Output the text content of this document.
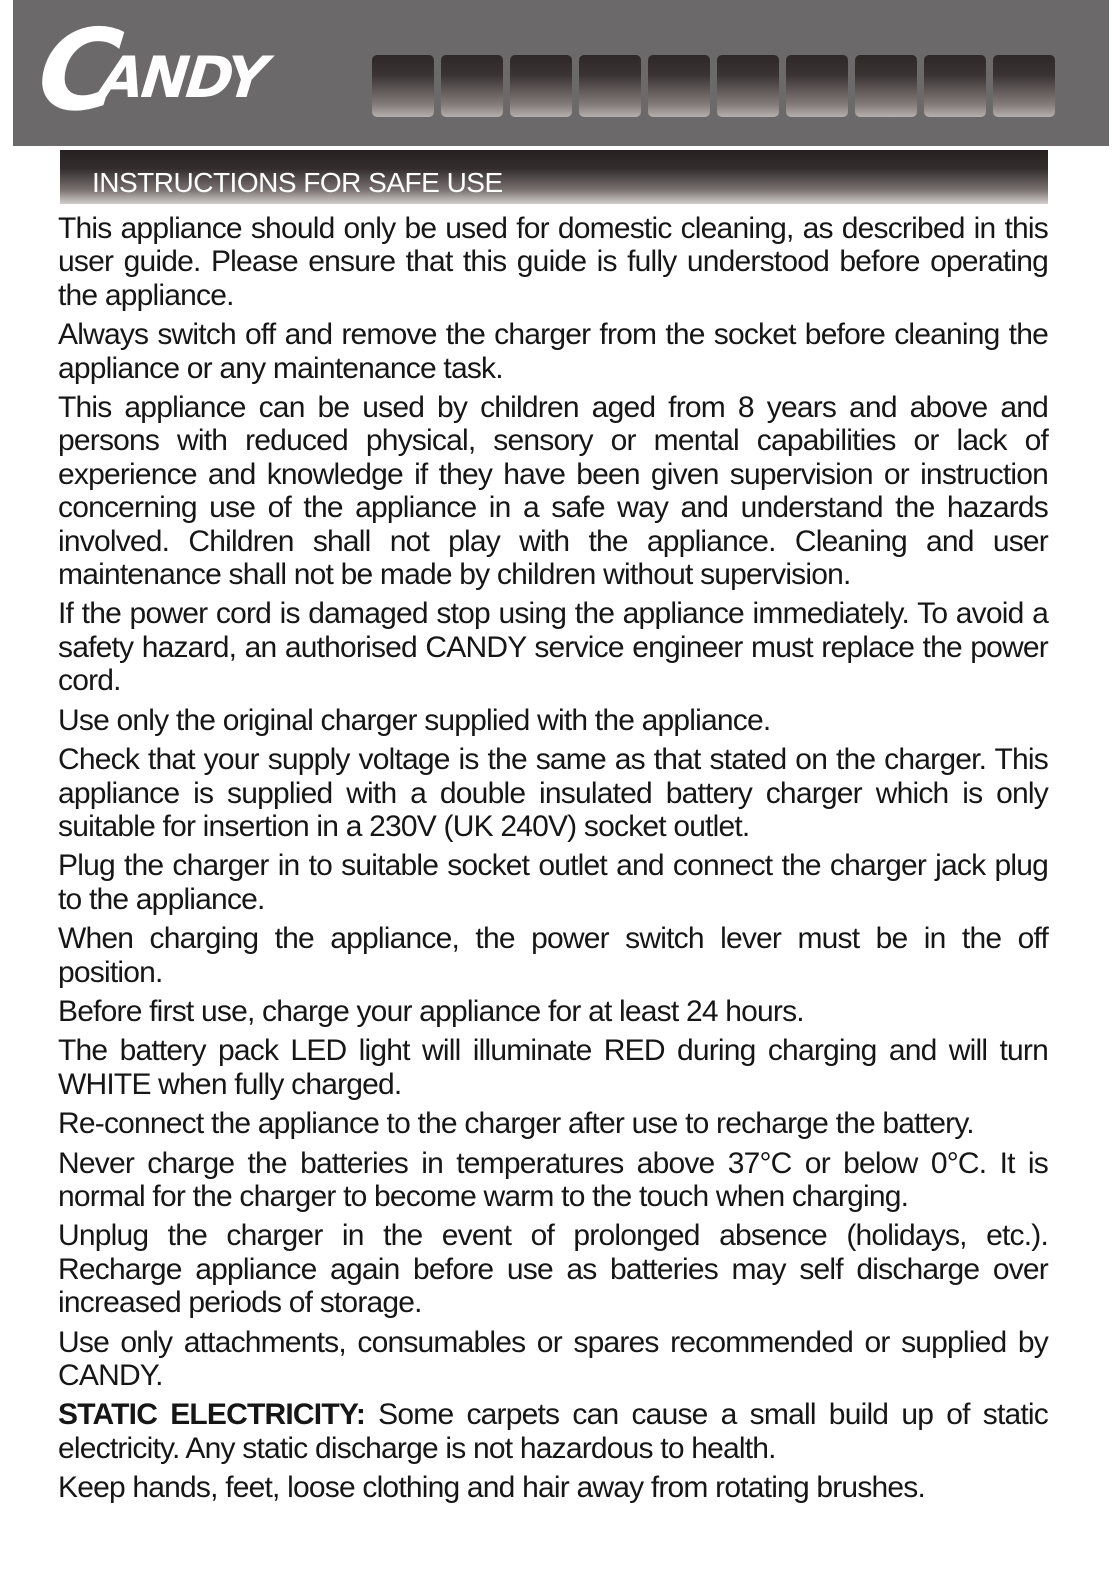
C
ANDY
INSTRUCTIONS FOR SAFE USE

This appliance should only be used for domestic cleaning, as described in this user guide. Please ensure that this guide is fully understood before operating the appliance.

Always switch off and remove the charger from the socket before cleaning the appliance or any maintenance task.

This appliance can be used by children aged from 8 years and above and persons with reduced physical, sensory or mental capabilities or lack of experience and knowledge if they have been given supervision or instruction concerning use of the appliance in a safe way and understand the hazards involved. Children shall not play with the appliance. Cleaning and user maintenance shall not be made by children without supervision.

If the power cord is damaged stop using the appliance immediately. To avoid a safety hazard, an authorised CANDY service engineer must replace the power cord.

Use only the original charger supplied with the appliance.

Check that your supply voltage is the same as that stated on the charger. This appliance is supplied with a double insulated battery charger which is only suitable for insertion in a 230V (UK 240V) socket outlet.

Plug the charger in to suitable socket outlet and connect the charger jack plug to the appliance.

When charging the appliance, the power switch lever must be in the off position.

Before first use, charge your appliance for at least 24 hours.

The battery pack LED light will illuminate RED during charging and will turn WHITE when fully charged.

Re-connect the appliance to the charger after use to recharge the battery.

Never charge the batteries in temperatures above 37°C or below 0°C. It is normal for the charger to become warm to the touch when charging.

Unplug the charger in the event of prolonged absence (holidays, etc.). Recharge appliance again before use as batteries may self discharge over increased periods of storage.

Use only attachments, consumables or spares recommended or supplied by CANDY.

STATIC ELECTRICITY: Some carpets can cause a small build up of static electricity. Any static discharge is not hazardous to health.

Keep hands, feet, loose clothing and hair away from rotating brushes.
